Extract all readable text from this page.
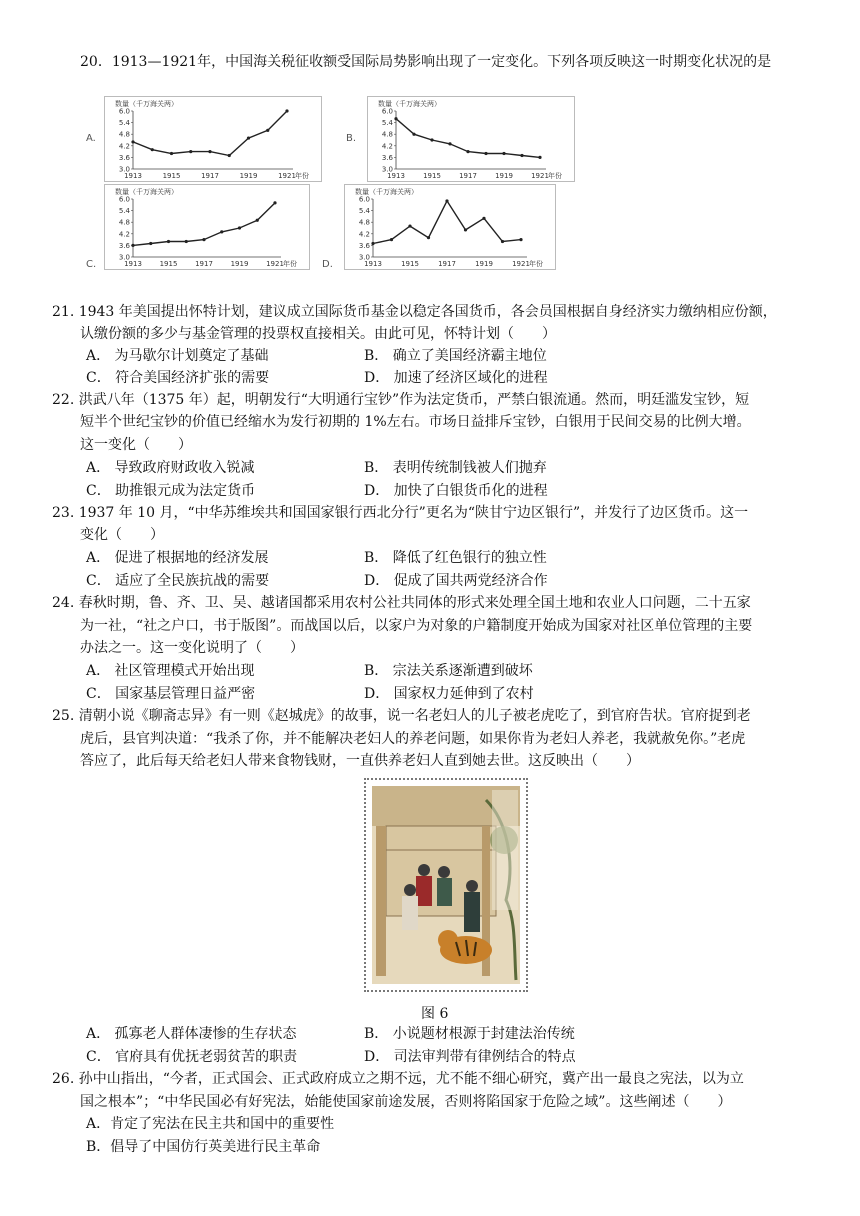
20．1913—1921年，中国海关税征收额受国际局势影响出现了一定变化。下列各项反映这一时期变化状况的是
A.
数量（千万海关两）
3.0
3.6
4.2
4.8
5.4
6.0
1913	1915	1917	1919	1921 年份
B.
数量（千万海关两）
3.0
3.6
4.2
4.8
5.4
6.0
1913	1915	1917	1919	1921 年份
C.
数量（千万海关两）
3.0
3.6
4.2
4.8
5.4
6.0
1913	1915	1917	1919	1921 年份	D.
数量（千万海关两）
3.0
3.6
4.2
4.8
5.4
6.0
1913	1915	1917	1919	1921 年份
21. 1943 年美国提出怀特计划，建议成立国际货币基金以稳定各国货币，各会员国根据自身经济实力缴纳相应份额，
认缴份额的多少与基金管理的投票权直接相关。由此可见，怀特计划（　　）
A． 为马歇尔计划奠定了基础	B． 确立了美国经济霸主地位
C． 符合美国经济扩张的需要	D． 加速了经济区域化的进程
22. 洪武八年（1375 年）起，明朝发行“大明通行宝钞”作为法定货币，严禁白银流通。然而，明廷滥发宝钞，短
短半个世纪宝钞的价值已经缩水为发行初期的 1%左右。市场日益排斥宝钞，白银用于民间交易的比例大增。
这一变化（　　）
A． 导致政府财政收入锐减	B． 表明传统制钱被人们抛弃
C． 助推银元成为法定货币	D． 加快了白银货币化的进程
23. 1937 年 10 月，“中华苏维埃共和国国家银行西北分行”更名为“陕甘宁边区银行”，并发行了边区货币。这一
变化（　　）
A． 促进了根据地的经济发展	B． 降低了红色银行的独立性
C． 适应了全民族抗战的需要	D． 促成了国共两党经济合作
24. 春秋时期，鲁、齐、卫、吴、越诸国都采用农村公社共同体的形式来处理全国土地和农业人口问题，二十五家
为一社，“社之户口，书于版图”。而战国以后，以家户为对象的户籍制度开始成为国家对社区单位管理的主要
办法之一。这一变化说明了（　　）
A． 社区管理模式开始出现	B． 宗法关系逐渐遭到破坏
C． 国家基层管理日益严密	D． 国家权力延伸到了农村
25. 清朝小说《聊斋志异》有一则《赵城虎》的故事，说一名老妇人的儿子被老虎吃了，到官府告状。官府捉到老
虎后，县官判决道：“我杀了你，并不能解决老妇人的养老问题，如果你肯为老妇人养老，我就赦免你。”老虎
答应了，此后每天给老妇人带来食物钱财，一直供养老妇人直到她去世。这反映出（　　）
图 6
A． 孤寡老人群体凄惨的生存状态	B． 小说题材根源于封建法治传统
C． 官府具有优抚老弱贫苦的职责	D． 司法审判带有律例结合的特点
26. 孙中山指出，“今者，正式国会、正式政府成立之期不远，尤不能不细心研究，冀产出一最良之宪法，以为立
国之根本”；“中华民国必有好宪法，始能使国家前途发展，否则将陷国家于危险之域”。这些阐述（　　）
A．肯定了宪法在民主共和国中的重要性
B．倡导了中国仿行英美进行民主革命
